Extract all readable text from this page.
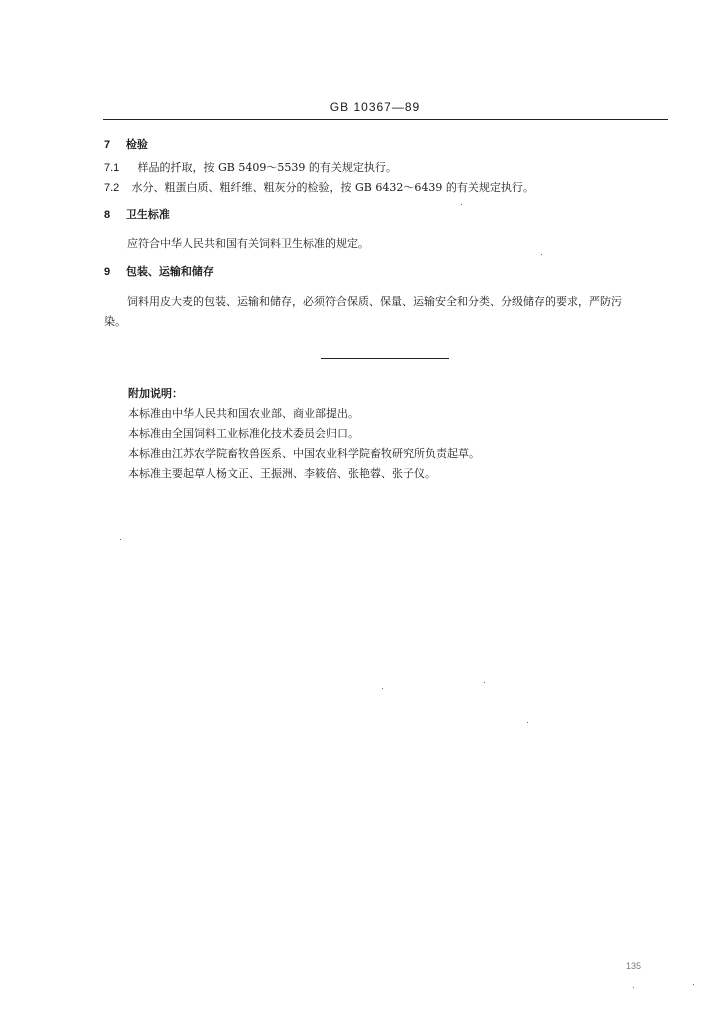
GB 10367—89
7 检验
7.1 样品的扦取，按 GB 5409～5539 的有关规定执行。
7.2 水分、粗蛋白质、粗纤维、粗灰分的检验，按 GB 6432～6439 的有关规定执行。
8 卫生标准
应符合中华人民共和国有关饲料卫生标准的规定。
9 包装、运输和储存
饲料用皮大麦的包装、运输和储存，必须符合保质、保量、运输安全和分类、分级储存的要求，严防污
染。
附加说明：
本标准由中华人民共和国农业部、商业部提出。
本标准由全国饲料工业标准化技术委员会归口。
本标准由江苏农学院畜牧兽医系、中国农业科学院畜牧研究所负责起草。
本标准主要起草人杨文正、王振洲、李筱倍、张艳蓉、张子仪。
135
